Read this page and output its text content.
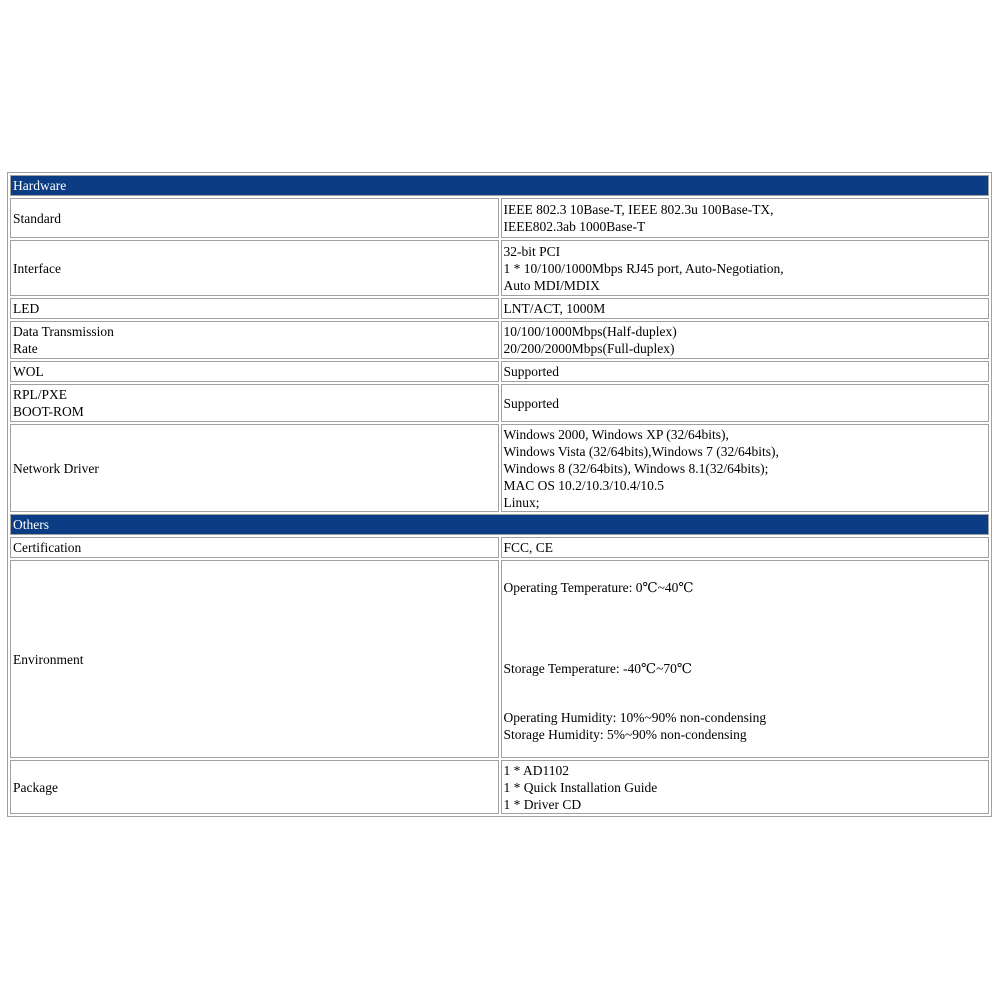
Hardware	

Standard	IEEE 802.3 10Base-T, IEEE 802.3u 100Base-TX,
IEEE802.3ab 1000Base-T

Interface	32-bit PCI
1 * 10/100/1000Mbps RJ45 port, Auto-Negotiation,
Auto MDI/MDIX

LED	LNT/ACT, 1000M

Data Transmission
Rate	10/100/1000Mbps(Half-duplex)
20/200/2000Mbps(Full-duplex)

WOL	Supported

RPL/PXE
BOOT-ROM	Supported

Network Driver	Windows 2000, Windows XP (32/64bits),
Windows Vista (32/64bits),Windows 7 (32/64bits),
Windows 8 (32/64bits), Windows 8.1(32/64bits);
MAC OS 10.2/10.3/10.4/10.5
Linux;

Others	

Certification	FCC, CE

Environment	Operating Temperature: 0℃~40℃
Storage Temperature: -40℃~70℃
Operating Humidity: 10%~90% non-condensing
Storage Humidity: 5%~90% non-condensing

Package	1 * AD1102
1 * Quick Installation Guide
1 * Driver CD
